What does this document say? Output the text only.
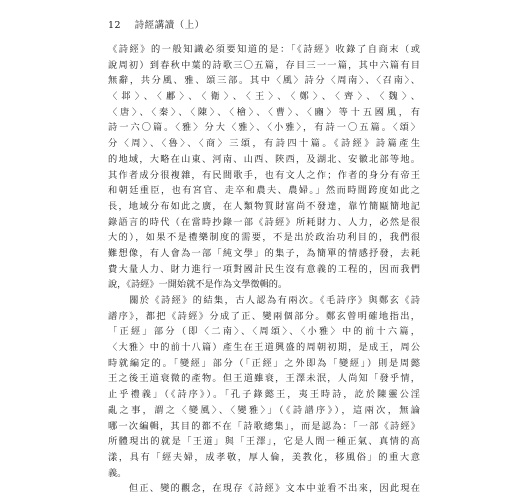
12 詩經講讀（上）
《詩經》的一般知識必須要知道的是：「《詩經》收錄了自商末（或
說周初）到春秋中葉的詩歌三〇五篇，存目三一一篇，其中六篇有目
無辭，共分風、雅、頌三部。其中〈風〉詩分〈周南〉、〈召南〉、
〈邶〉、〈鄘〉、〈衛〉、〈王〉、〈鄭〉、〈齊〉、〈魏〉、
〈唐〉、〈秦〉、〈陳〉、〈檜〉、〈曹〉、〈豳〉等十五國風，有
詩一六〇篇。〈雅〉分大〈雅〉、〈小雅〉，有詩一〇五篇。〈頌〉
分〈周〉、〈魯〉、〈商〉三頌，有詩四十篇。《詩經》詩篇產生
的地域，大略在山東、河南、山西、陝西，及湖北、安徽北部等地。
其作者成分很複雜，有民間歌手，也有文人之作；作者的身分有帝王
和朝廷重臣，也有宮官、走卒和農夫、農婦。」然而時間跨度如此之
長，地域分布如此之廣，在人類物質財富尚不發達，靠竹簡甌簡地記
錄語言的時代（在當時抄錄一部《詩經》所耗財力、人力，必然是很
大的），如果不是禮樂制度的需要，不是出於政治功利目的，我們很
難想像，有人會為一部「純文學」的集子，為簡單的情感抒發，去耗
費大量人力、財力進行一項對國計民生沒有意義的工程的，因而我們
說，《詩經》一開始就不是作為文學徵輯的。
　　關於《詩經》的結集，古人認為有兩次。《毛詩序》與鄭玄《詩
譜序》，都把《詩經》分成了正、變兩個部分。鄭玄曾明確地指出，
「正經」部分（即〈二南〉、〈周頌〉、〈小雅〉中的前十六篇，
〈大雅〉中的前十八篇）產生在王道興盛的周朝初期，是成王，周公
時就編定的。「變經」部分（「正經」之外即為「變經」）則是周懿
王之後王道衰微的產物。但王道雖衰，王澤未泯，人尚知「發乎情，
止乎禮義」（《詩序》）。「孔子錄懿王，夷王時詩，訖於陳靈公淫
亂之事，謂之〈變風〉、〈變雅〉」（《詩譜序》），這兩次，無論
哪一次編輯，其目的都不在「詩歌總集」，而是認為：「一部《詩經》
所體現出的就是「王道」與「王澤」，它是人間一種正氣、真情的高
漾，具有「經夫婦，成孝敬，厚人倫，美教化，移風俗」的重大意
義。
　　但正、變的觀念，在現存《詩經》文本中並看不出來，因此現在
